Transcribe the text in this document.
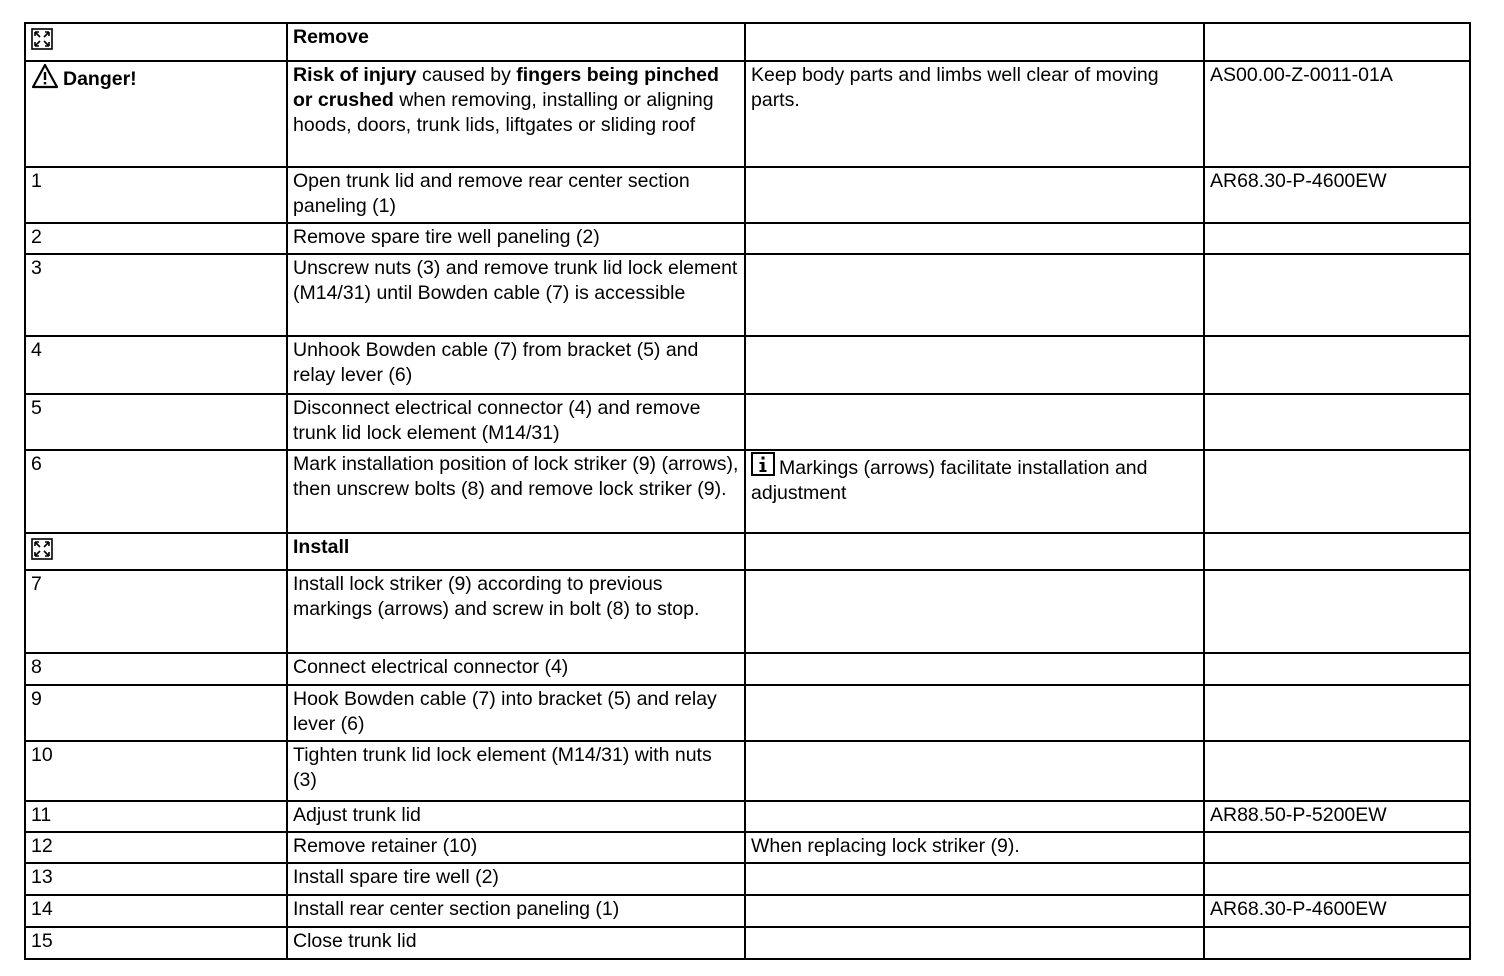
	Remove		
Danger!	Risk of injury caused by fingers being pinched or crushed when removing, installing or aligning hoods, doors, trunk lids, liftgates or sliding roof	Keep body parts and limbs well clear of moving parts.	AS00.00-Z-0011-01A
1	Open trunk lid and remove rear center section paneling (1)		AR68.30-P-4600EW
2	Remove spare tire well paneling (2)		
3	Unscrew nuts (3) and remove trunk lid lock element (M14/31) until Bowden cable (7) is accessible		
4	Unhook Bowden cable (7) from bracket (5) and relay lever (6)		
5	Disconnect electrical connector (4) and remove trunk lid lock element (M14/31)		
6	Mark installation position of lock striker (9) (arrows), then unscrew bolts (8) and remove lock striker (9).	Markings (arrows) facilitate installation and adjustment	
	Install		
7	Install lock striker (9) according to previous markings (arrows) and screw in bolt (8) to stop.		
8	Connect electrical connector (4)		
9	Hook Bowden cable (7) into bracket (5) and relay lever (6)		
10	Tighten trunk lid lock element (M14/31) with nuts (3)		
11	Adjust trunk lid		AR88.50-P-5200EW
12	Remove retainer (10)	When replacing lock striker (9).	
13	Install spare tire well (2)		
14	Install rear center section paneling (1)		AR68.30-P-4600EW
15	Close trunk lid		
